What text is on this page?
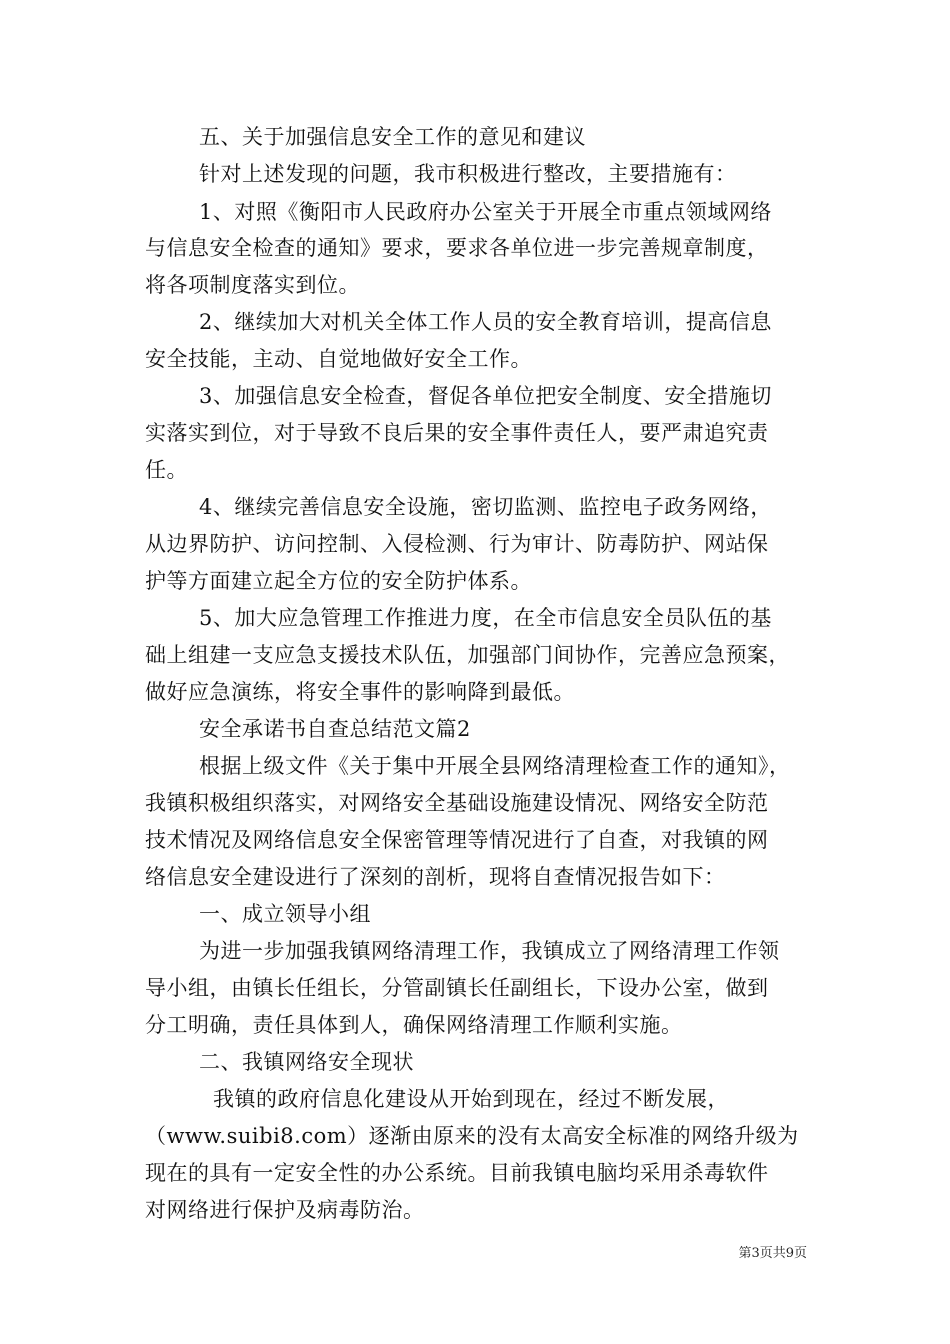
五、关于加强信息安全工作的意见和建议
针对上述发现的问题，我市积极进行整改，主要措施有：
1、对照《衡阳市人民政府办公室关于开展全市重点领域网络
与信息安全检查的通知》要求，要求各单位进一步完善规章制度，
将各项制度落实到位。
2、继续加大对机关全体工作人员的安全教育培训，提高信息
安全技能，主动、自觉地做好安全工作。
3、加强信息安全检查，督促各单位把安全制度、安全措施切
实落实到位，对于导致不良后果的安全事件责任人，要严肃追究责
任。
4、继续完善信息安全设施，密切监测、监控电子政务网络，
从边界防护、访问控制、入侵检测、行为审计、防毒防护、网站保
护等方面建立起全方位的安全防护体系。
5、加大应急管理工作推进力度，在全市信息安全员队伍的基
础上组建一支应急支援技术队伍，加强部门间协作，完善应急预案，
做好应急演练，将安全事件的影响降到最低。
安全承诺书自查总结范文篇2
根据上级文件《关于集中开展全县网络清理检查工作的通知》，
我镇积极组织落实，对网络安全基础设施建设情况、网络安全防范
技术情况及网络信息安全保密管理等情况进行了自查，对我镇的网
络信息安全建设进行了深刻的剖析，现将自查情况报告如下：
一、成立领导小组
为进一步加强我镇网络清理工作，我镇成立了网络清理工作领
导小组，由镇长任组长，分管副镇长任副组长，下设办公室，做到
分工明确，责任具体到人，确保网络清理工作顺利实施。
二、我镇网络安全现状
我镇的政府信息化建设从开始到现在，经过不断发展，
（www.suibi8.com）逐渐由原来的没有太高安全标准的网络升级为
现在的具有一定安全性的办公系统。目前我镇电脑均采用杀毒软件
对网络进行保护及病毒防治。
第3页共9页
